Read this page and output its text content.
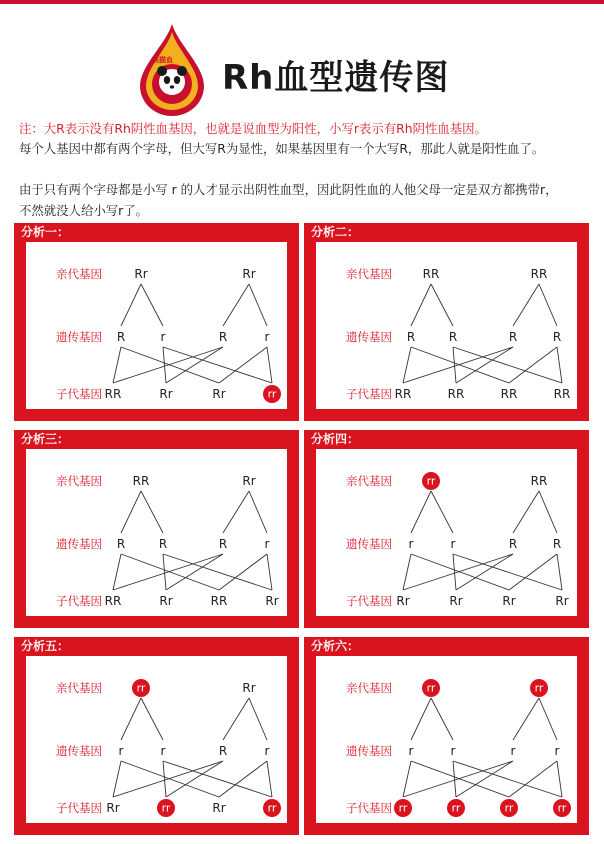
熊猫血 Rh血型遗传图
注：大R表示没有Rh阴性血基因，也就是说血型为阳性，小写r表示有Rh阴性血基因。
每个人基因中都有两个字母，但大写R为显性，如果基因里有一个大写R，那此人就是阳性血了。
由于只有两个字母都是小写 r 的人才显示出阴性血型，因此阴性血的人他父母一定是双方都携带r，
不然就没人给小写r了。
分析一：
亲代基因
遗传基因
子代基因
Rr	Rr
R	r	R	r
RR	Rr	Rr	rr
分析二：
亲代基因
遗传基因
子代基因
RR	RR
R	R	R	R
RR	RR	RR	RR
分析三：
亲代基因
遗传基因
子代基因
RR	Rr
R	R	R	r
RR	Rr	RR	Rr
分析四：
亲代基因
遗传基因
子代基因
rr	RR
r	r	R	R
Rr	Rr	Rr	Rr
分析五：
亲代基因
遗传基因
子代基因
rr	Rr
r	r	R	r
Rr	rr	Rr	rr
分析六：
亲代基因
遗传基因
子代基因
rr	rr
r	r	r	r
rr	rr	rr	rr
